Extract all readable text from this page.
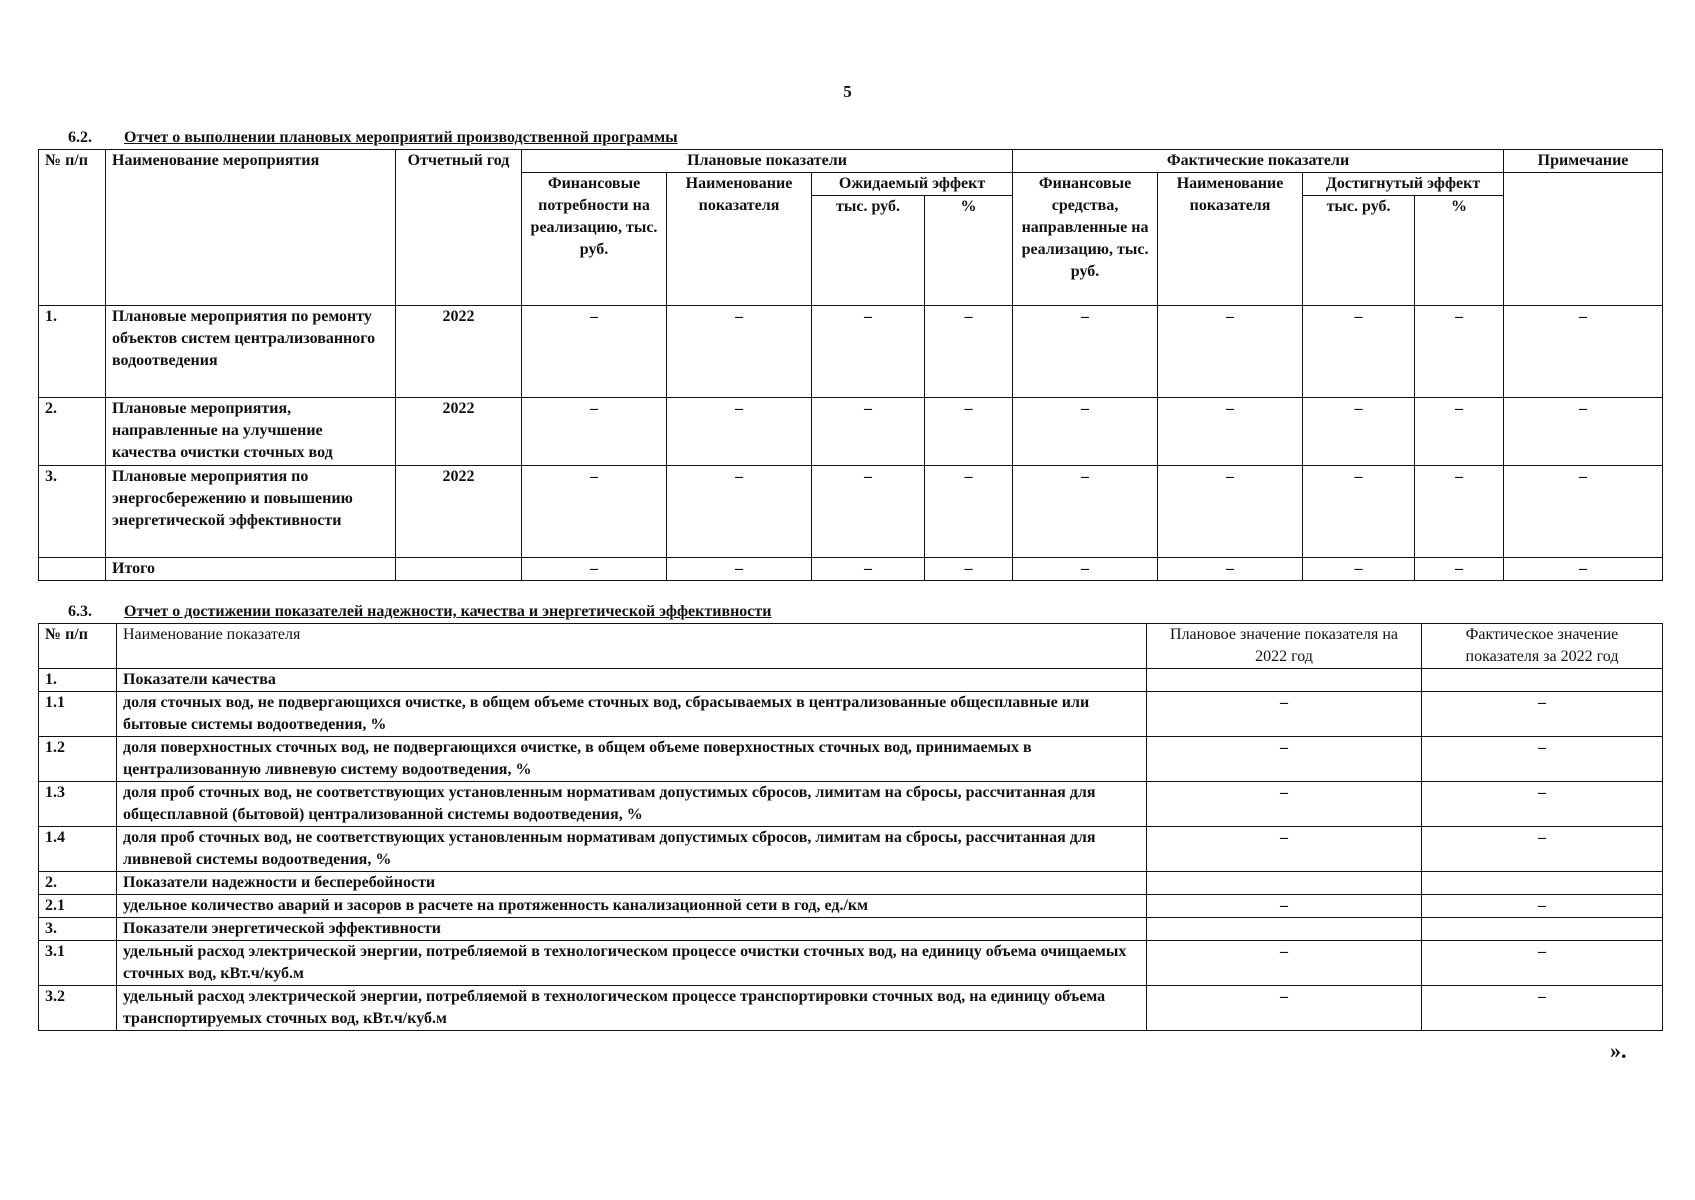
5
6.2. Отчет о выполнении плановых мероприятий производственной программы
№ п/п	Наименование мероприятия	Отчетный год	Плановые показатели				Фактические показатели				Примечание
			Финансовые потребности на реализацию, тыс. руб.	Наименование показателя	Ожидаемый эффект		Финансовые средства, направленные на реализацию, тыс. руб.	Наименование показателя	Достигнутый эффект		
					тыс. руб.	%			тыс. руб.	%	
1.	Плановые мероприятия по ремонту объектов систем централизованного водоотведения	2022	–	–	–	–	–	–	–	–	–
2.	Плановые мероприятия, направленные на улучшение качества очистки сточных вод	2022	–	–	–	–	–	–	–	–	–
3.	Плановые мероприятия по энергосбережению и повышению энергетической эффективности	2022	–	–	–	–	–	–	–	–	–
	Итого		–	–	–	–	–	–	–	–	–
6.3. Отчет о достижении показателей надежности, качества и энергетической эффективности
№ п/п	Наименование показателя	Плановое значение показателя на 2022 год	Фактическое значение показателя за 2022 год
1.	Показатели качества		
1.1	доля сточных вод, не подвергающихся очистке, в общем объеме сточных вод, сбрасываемых в централизованные общесплавные или бытовые системы водоотведения, %	–	–
1.2	доля поверхностных сточных вод, не подвергающихся очистке, в общем объеме поверхностных сточных вод, принимаемых в централизованную ливневую систему водоотведения, %	–	–
1.3	доля проб сточных вод, не соответствующих установленным нормативам допустимых сбросов, лимитам на сбросы, рассчитанная для общесплавной (бытовой) централизованной системы водоотведения, %	–	–
1.4	доля проб сточных вод, не соответствующих установленным нормативам допустимых сбросов, лимитам на сбросы, рассчитанная для ливневой системы водоотведения, %	–	–
2.	Показатели надежности и бесперебойности		
2.1	удельное количество аварий и засоров в расчете на протяженность канализационной сети в год, ед./км	–	–
3.	Показатели энергетической эффективности		
3.1	удельный расход электрической энергии, потребляемой в технологическом процессе очистки сточных вод, на единицу объема очищаемых сточных вод, кВт.ч/куб.м	–	–
3.2	удельный расход электрической энергии, потребляемой в технологическом процессе транспортировки сточных вод, на единицу объема транспортируемых сточных вод, кВт.ч/куб.м	–	–
».
